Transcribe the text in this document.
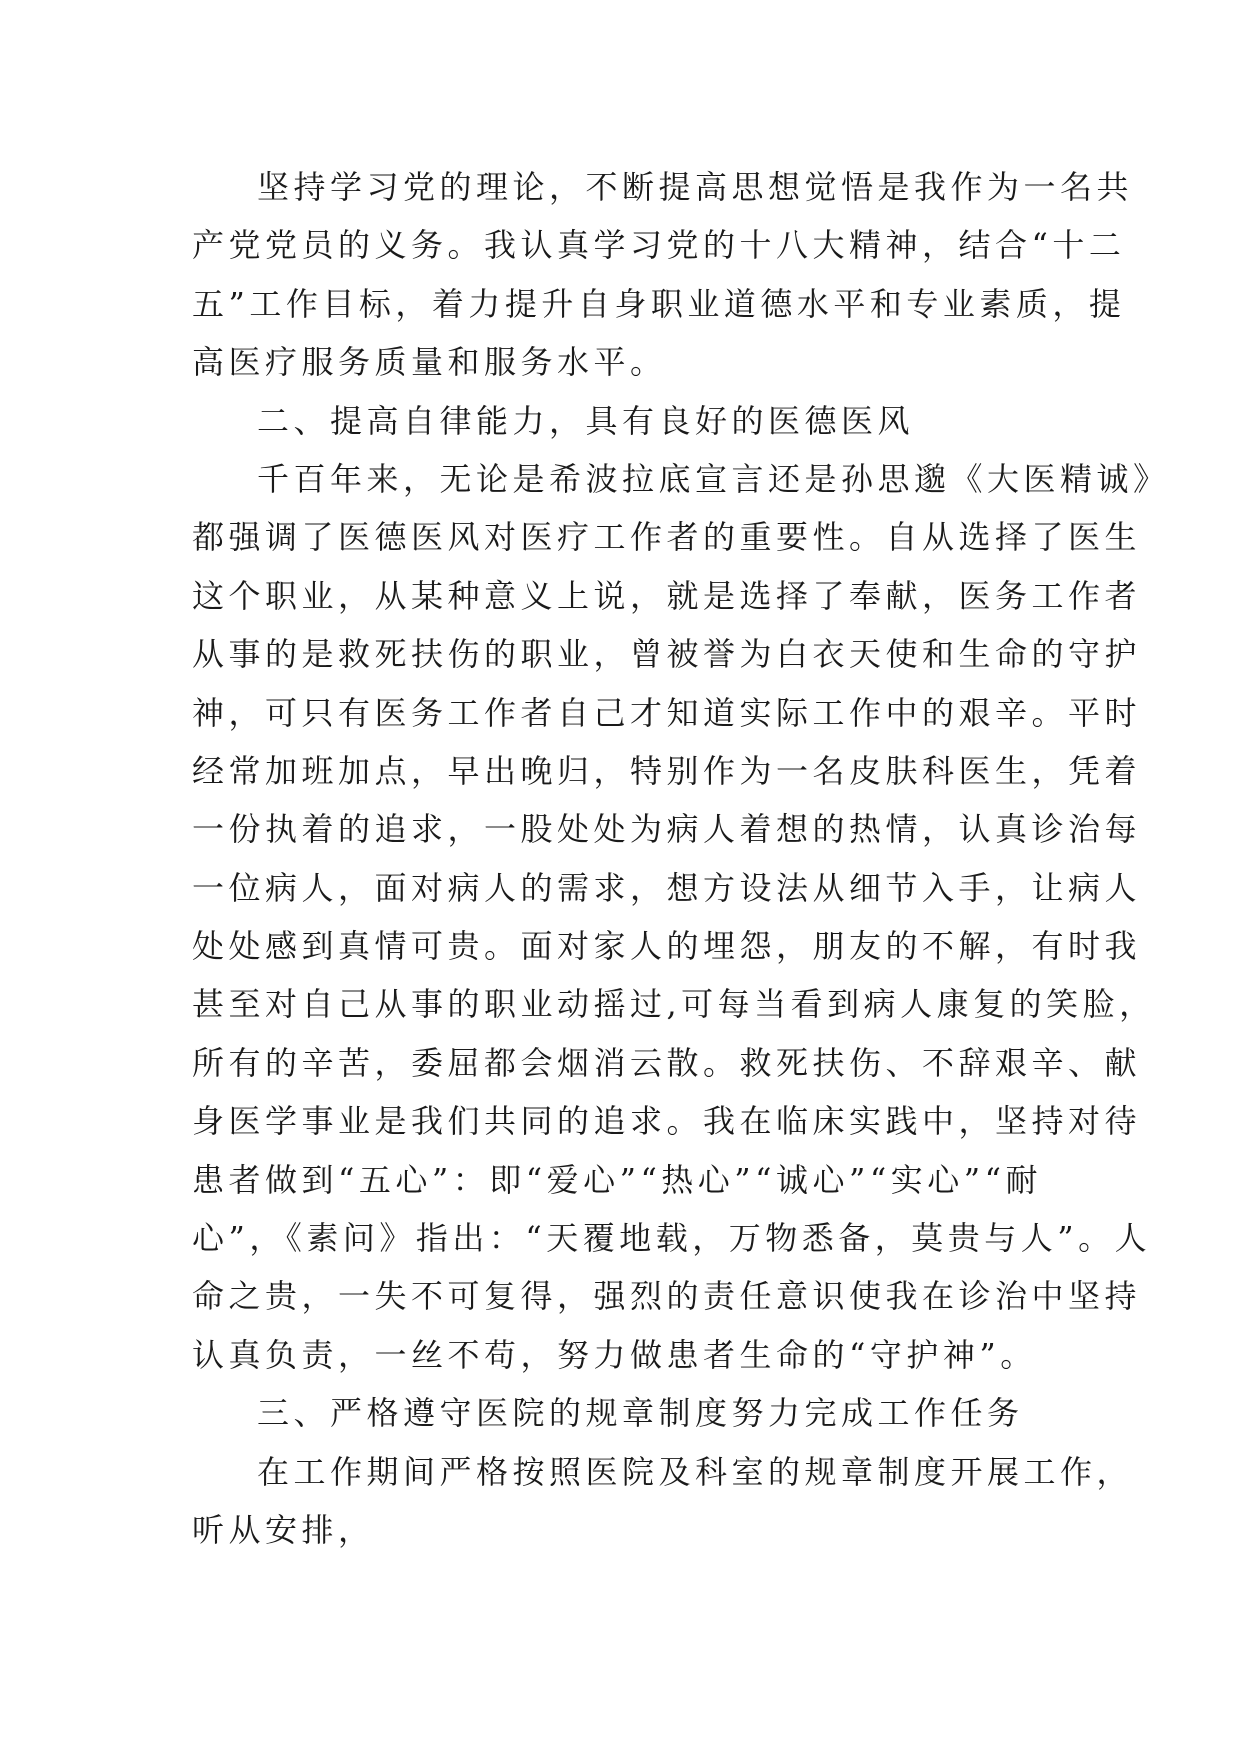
坚持学习党的理论，不断提高思想觉悟是我作为一名共
产党党员的义务。我认真学习党的十八大精神，结合“十二
五”工作目标，着力提升自身职业道德水平和专业素质，提
高医疗服务质量和服务水平。
二、提高自律能力，具有良好的医德医风
千百年来，无论是希波拉底宣言还是孙思邈《大医精诚》
都强调了医德医风对医疗工作者的重要性。自从选择了医生
这个职业，从某种意义上说，就是选择了奉献，医务工作者
从事的是救死扶伤的职业，曾被誉为白衣天使和生命的守护
神，可只有医务工作者自己才知道实际工作中的艰辛。平时
经常加班加点，早出晚归，特别作为一名皮肤科医生，凭着
一份执着的追求，一股处处为病人着想的热情，认真诊治每
一位病人，面对病人的需求，想方设法从细节入手，让病人
处处感到真情可贵。面对家人的埋怨，朋友的不解，有时我
甚至对自己从事的职业动摇过,可每当看到病人康复的笑脸，
所有的辛苦，委屈都会烟消云散。救死扶伤、不辞艰辛、献
身医学事业是我们共同的追求。我在临床实践中，坚持对待
患者做到“五心”：即“爱心”“热心”“诚心”“实心”“耐
心”，《素问》指出：“天覆地载，万物悉备，莫贵与人”。人
命之贵，一失不可复得，强烈的责任意识使我在诊治中坚持
认真负责，一丝不苟，努力做患者生命的“守护神”。
三、严格遵守医院的规章制度努力完成工作任务
在工作期间严格按照医院及科室的规章制度开展工作，
听从安排，
